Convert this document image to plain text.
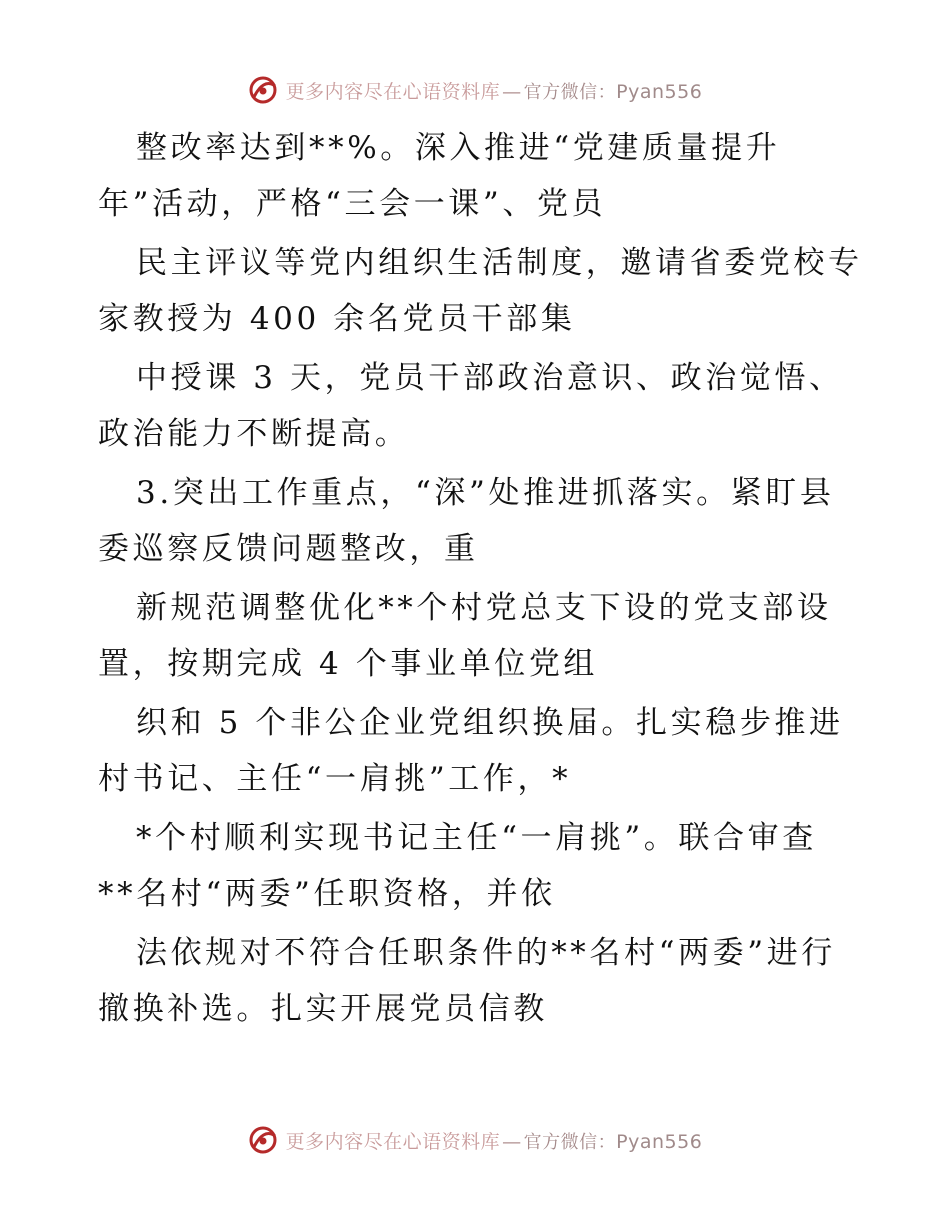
更多内容尽在心语资料库 — 官方微信：Pyan556
整改率达到**%。深入推进“党建质量提升
年”活动，严格“三会一课”、党员
民主评议等党内组织生活制度，邀请省委党校专
家教授为 400 余名党员干部集
中授课 3 天，党员干部政治意识、政治觉悟、
政治能力不断提高。
3.突出工作重点，“深”处推进抓落实。紧盯县
委巡察反馈问题整改，重
新规范调整优化**个村党总支下设的党支部设
置，按期完成 4 个事业单位党组
织和 5 个非公企业党组织换届。扎实稳步推进
村书记、主任“一肩挑”工作，*
*个村顺利实现书记主任“一肩挑”。联合审查
**名村“两委”任职资格，并依
法依规对不符合任职条件的**名村“两委”进行
撤换补选。扎实开展党员信教
更多内容尽在心语资料库 — 官方微信：Pyan556
